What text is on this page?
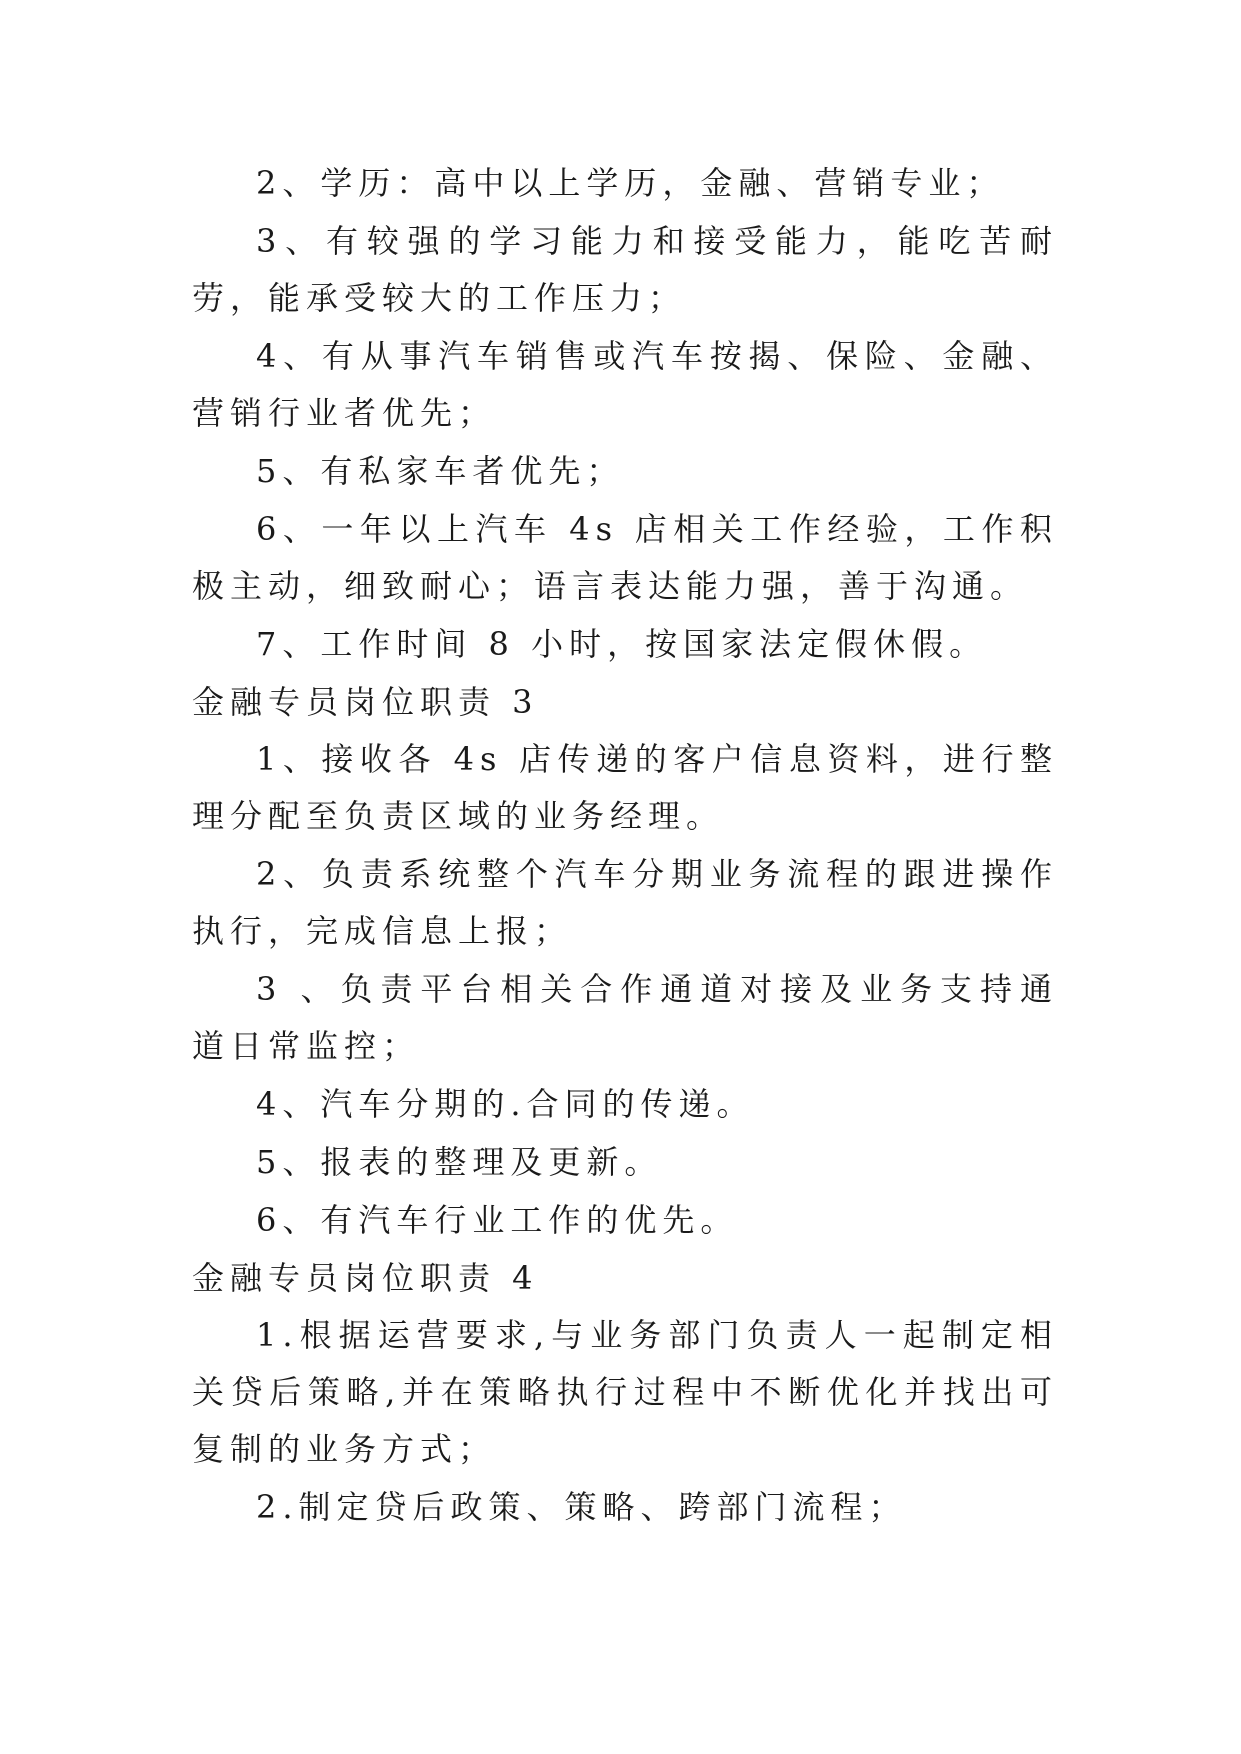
2、学历：高中以上学历，金融、营销专业；

3、有较强的学习能力和接受能力，能吃苦耐劳，能承受较大的工作压力；

4、有从事汽车销售或汽车按揭、保险、金融、营销行业者优先；

5、有私家车者优先；

6、一年以上汽车 4s 店相关工作经验，工作积极主动，细致耐心；语言表达能力强，善于沟通。

7、工作时间 8 小时，按国家法定假休假。

金融专员岗位职责 3

1、接收各 4s 店传递的客户信息资料，进行整理分配至负责区域的业务经理。

2、负责系统整个汽车分期业务流程的跟进操作执行，完成信息上报；

3 、负责平台相关合作通道对接及业务支持通道日常监控；

4、汽车分期的.合同的传递。

5、报表的整理及更新。

6、有汽车行业工作的优先。

金融专员岗位职责 4

1.根据运营要求,与业务部门负责人一起制定相关贷后策略,并在策略执行过程中不断优化并找出可复制的业务方式；

2.制定贷后政策、策略、跨部门流程；
